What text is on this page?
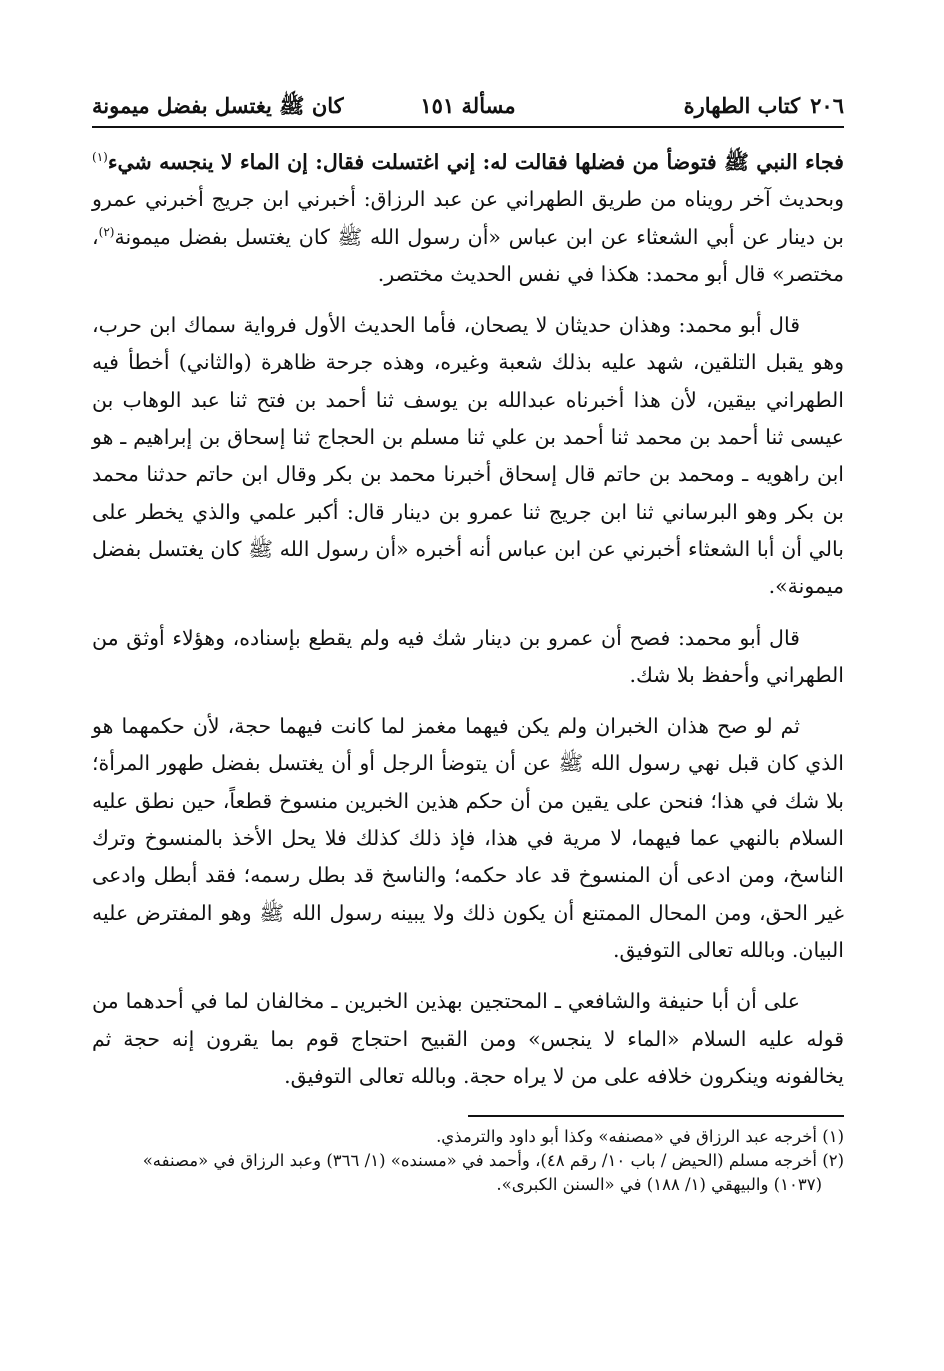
٢٠٦
كتاب الطهارة
مسألة ١٥١
كان ﷺ يغتسل بفضل ميمونة

فجاء النبي ﷺ فتوضأ من فضلها فقالت له: إني اغتسلت فقال: إن الماء لا ينجسه شيء$^{(١)}$ وبحديث آخر رويناه من طريق الطهراني عن عبد الرزاق: أخبرني ابن جريج أخبرني عمرو بن دينار عن أبي الشعثاء عن ابن عباس «أن رسول الله ﷺ كان يغتسل بفضل ميمونة$^{(٢)}$، مختصر» قال أبو محمد: هكذا في نفس الحديث مختصر.

قال أبو محمد: وهذان حديثان لا يصحان، فأما الحديث الأول فرواية سماك ابن حرب، وهو يقبل التلقين، شهد عليه بذلك شعبة وغيره، وهذه جرحة ظاهرة (والثاني) أخطأ فيه الطهراني بيقين، لأن هذا أخبرناه عبدالله بن يوسف ثنا أحمد بن فتح ثنا عبد الوهاب بن عيسى ثنا أحمد بن محمد ثنا أحمد بن علي ثنا مسلم بن الحجاج ثنا إسحاق بن إبراهيم ـ هو ابن راهويه ـ ومحمد بن حاتم قال إسحاق أخبرنا محمد بن بكر وقال ابن حاتم حدثنا محمد بن بكر وهو البرساني ثنا ابن جريج ثنا عمرو بن دينار قال: أكبر علمي والذي يخطر على بالي أن أبا الشعثاء أخبرني عن ابن عباس أنه أخبره «أن رسول الله ﷺ كان يغتسل بفضل ميمونة».

قال أبو محمد: فصح أن عمرو بن دينار شك فيه ولم يقطع بإسناده، وهؤلاء أوثق من الطهراني وأحفظ بلا شك.

ثم لو صح هذان الخبران ولم يكن فيهما مغمز لما كانت فيهما حجة، لأن حكمهما هو الذي كان قبل نهي رسول الله ﷺ عن أن يتوضأ الرجل أو أن يغتسل بفضل طهور المرأة؛ بلا شك في هذا؛ فنحن على يقين من أن حكم هذين الخبرين منسوخ قطعاً، حين نطق عليه السلام بالنهي عما فيهما، لا مرية في هذا، فإذ ذلك كذلك فلا يحل الأخذ بالمنسوخ وترك الناسخ، ومن ادعى أن المنسوخ قد عاد حكمه؛ والناسخ قد بطل رسمه؛ فقد أبطل وادعى غير الحق، ومن المحال الممتنع أن يكون ذلك ولا يبينه رسول الله ﷺ وهو المفترض عليه البيان. وبالله تعالى التوفيق.

على أن أبا حنيفة والشافعي ـ المحتجين بهذين الخبرين ـ مخالفان لما في أحدهما من قوله عليه السلام «الماء لا ينجس» ومن القبيح احتجاج قوم بما يقرون إنه حجة ثم يخالفونه وينكرون خلافه على من لا يراه حجة. وبالله تعالى التوفيق.

(١) أخرجه عبد الرزاق في «مصنفه» وكذا أبو داود والترمذي.

(٢) أخرجه مسلم (الحيض / باب ١٠/ رقم ٤٨)، وأحمد في «مسنده» (١/ ٣٦٦) وعبد الرزاق في «مصنفه»

(١٠٣٧) والبيهقي (١/ ١٨٨) في «السنن الكبرى».
